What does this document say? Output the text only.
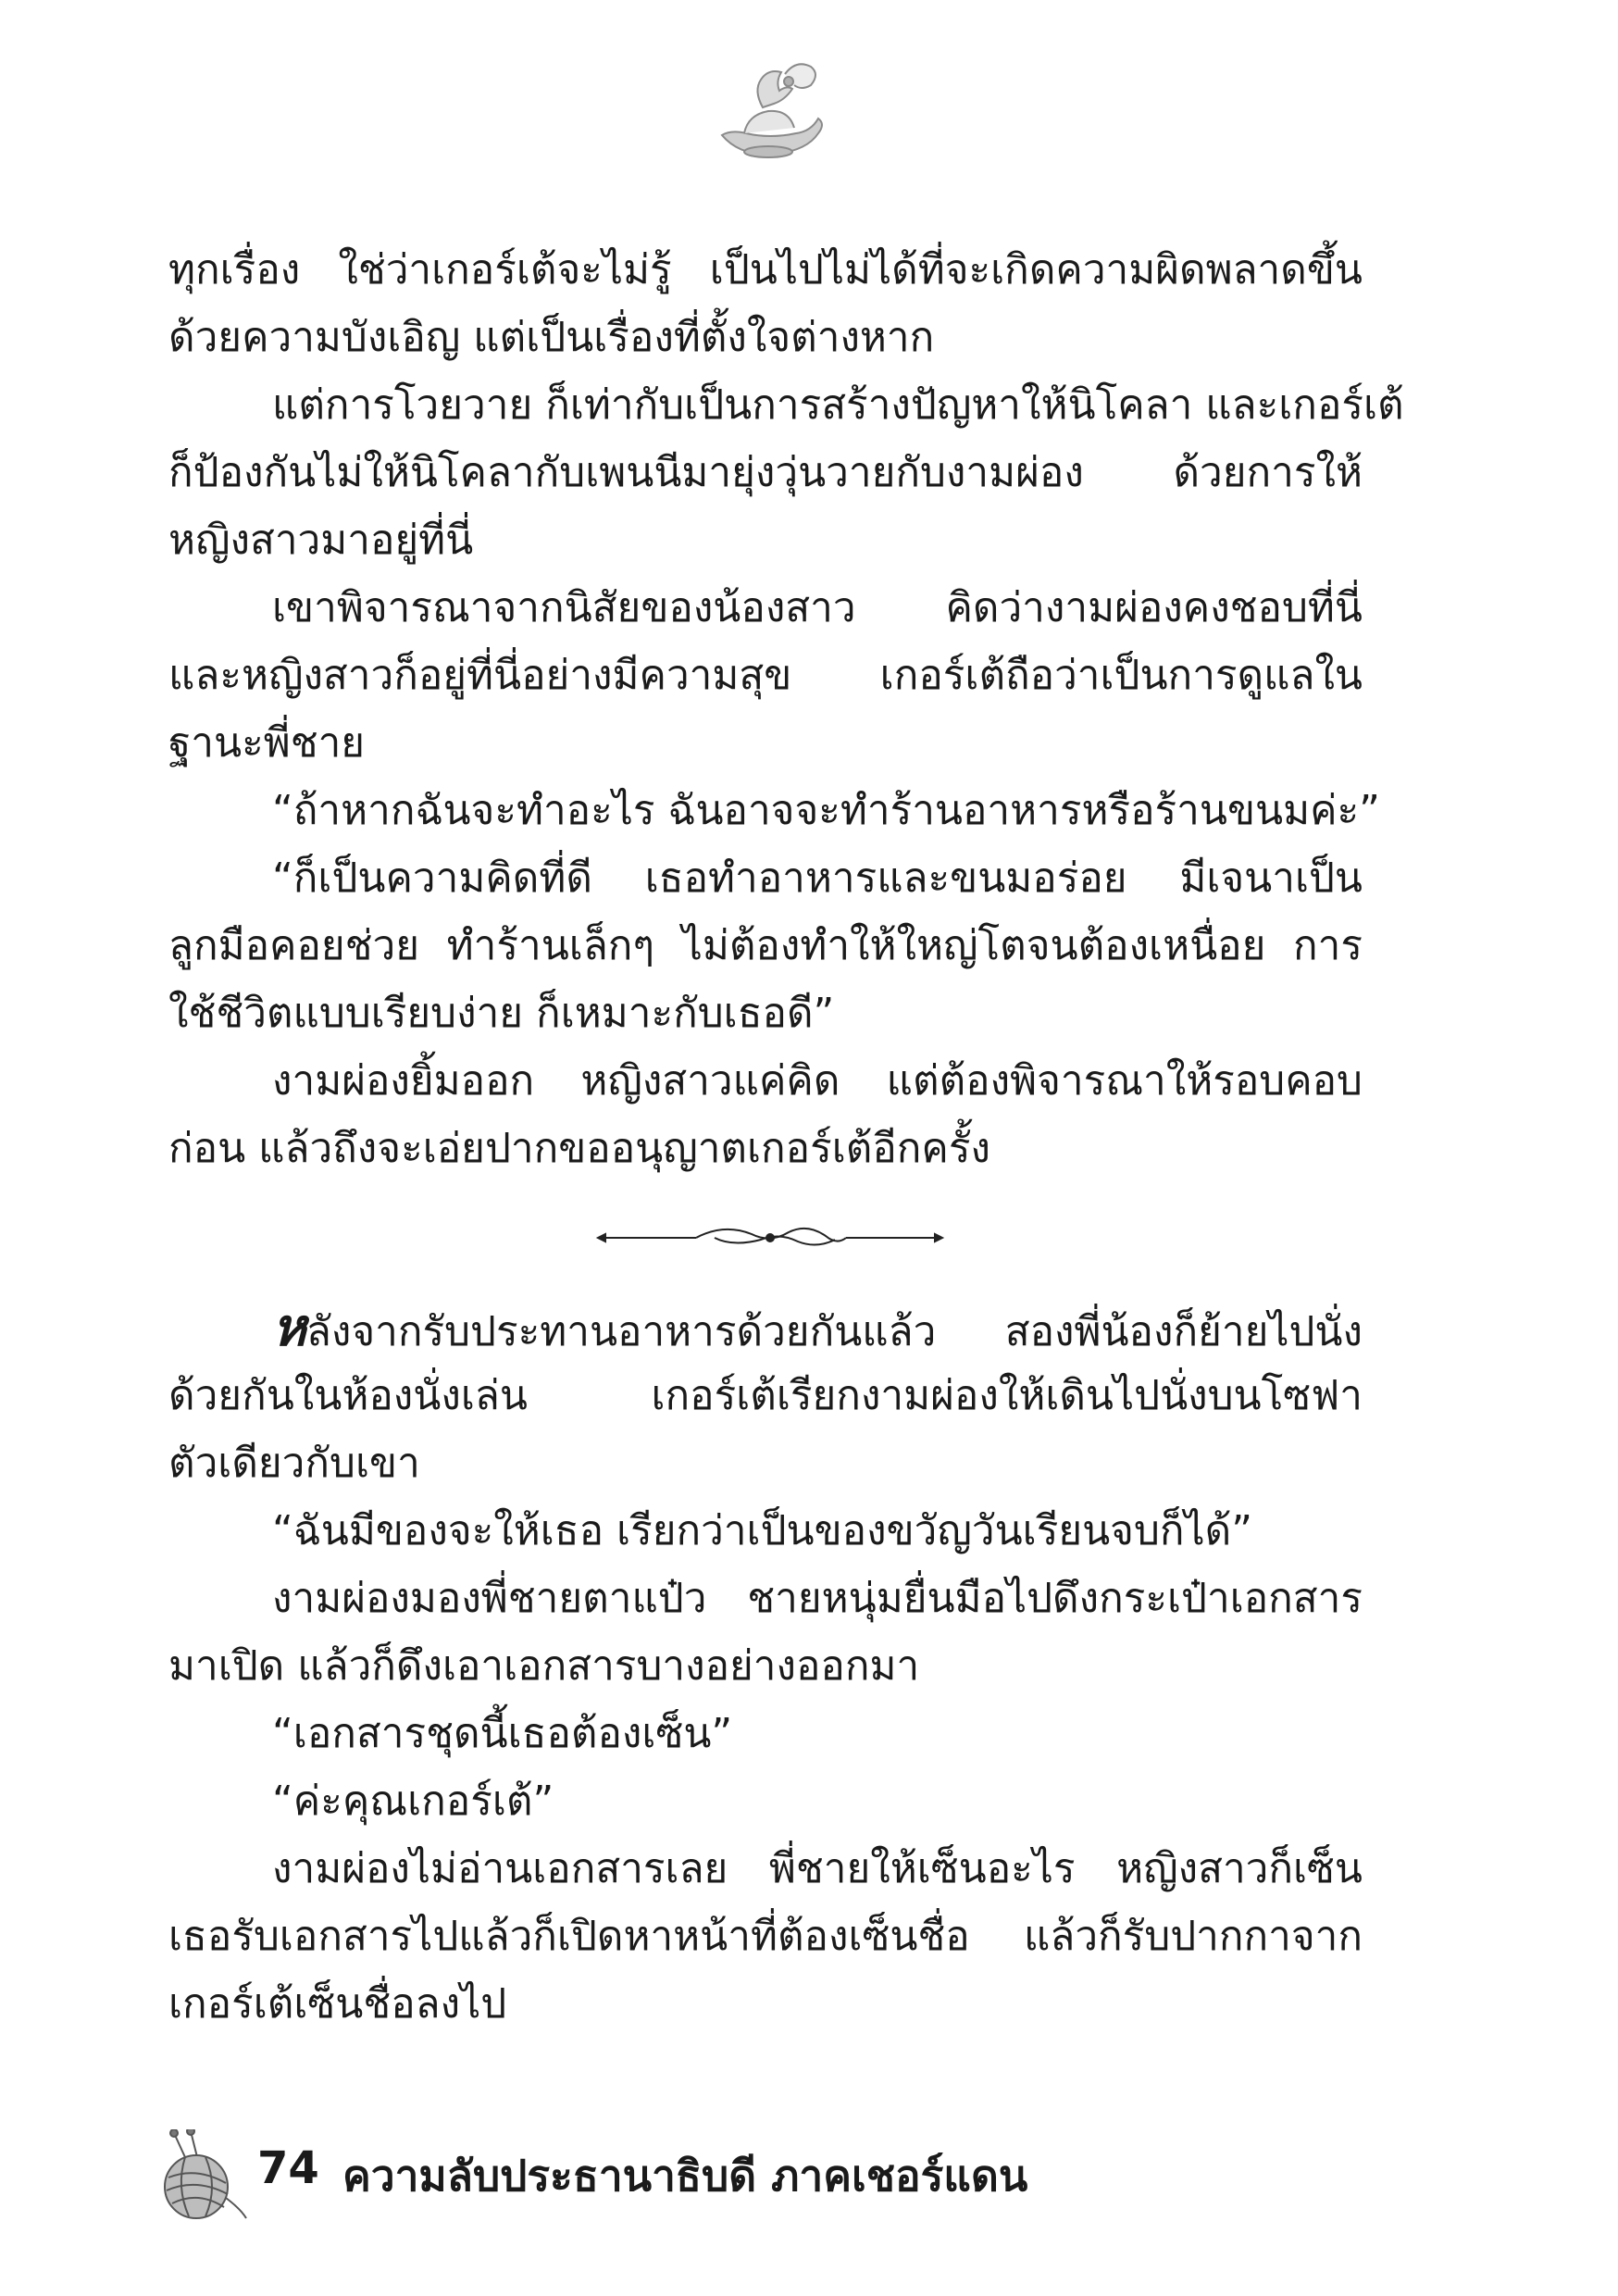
ทุกเรื่อง ใช่ว่าเกอร์เต้จะไม่รู้ เป็นไปไม่ได้ที่จะเกิดความผิดพลาดขึ้น
ด้วยความบังเอิญ แต่เป็นเรื่องที่ตั้งใจต่างหาก
แต่การโวยวาย ก็เท่ากับเป็นการสร้างปัญหาให้นิโคลา และเกอร์เต้
ก็ป้องกันไม่ให้นิโคลากับเพนนีมายุ่งวุ่นวายกับงามผ่อง ด้วยการให้
หญิงสาวมาอยู่ที่นี่
เขาพิจารณาจากนิสัยของน้องสาว คิดว่างามผ่องคงชอบที่นี่
และหญิงสาวก็อยู่ที่นี่อย่างมีความสุข เกอร์เต้ถือว่าเป็นการดูแลใน
ฐานะพี่ชาย
“ถ้าหากฉันจะทำอะไร ฉันอาจจะทำร้านอาหารหรือร้านขนมค่ะ”
“ก็เป็นความคิดที่ดี เธอทำอาหารและขนมอร่อย มีเจนาเป็น
ลูกมือคอยช่วย ทำร้านเล็กๆ ไม่ต้องทำให้ใหญ่โตจนต้องเหนื่อย การ
ใช้ชีวิตแบบเรียบง่าย ก็เหมาะกับเธอดี”
งามผ่องยิ้มออก หญิงสาวแค่คิด แต่ต้องพิจารณาให้รอบคอบ
ก่อน แล้วถึงจะเอ่ยปากขออนุญาตเกอร์เต้อีกครั้ง
หลังจากรับประทานอาหารด้วยกันแล้ว สองพี่น้องก็ย้ายไปนั่ง
ด้วยกันในห้องนั่งเล่น เกอร์เต้เรียกงามผ่องให้เดินไปนั่งบนโซฟา
ตัวเดียวกับเขา
“ฉันมีของจะให้เธอ เรียกว่าเป็นของขวัญวันเรียนจบก็ได้”
งามผ่องมองพี่ชายตาแป๋ว ชายหนุ่มยื่นมือไปดึงกระเป๋าเอกสาร
มาเปิด แล้วก็ดึงเอาเอกสารบางอย่างออกมา
“เอกสารชุดนี้เธอต้องเซ็น”
“ค่ะคุณเกอร์เต้”
งามผ่องไม่อ่านเอกสารเลย พี่ชายให้เซ็นอะไร หญิงสาวก็เซ็น
เธอรับเอกสารไปแล้วก็เปิดหาหน้าที่ต้องเซ็นชื่อ แล้วก็รับปากกาจาก
เกอร์เต้เซ็นชื่อลงไป
74 ความลับประธานาธิบดี ภาคเชอร์แดน
